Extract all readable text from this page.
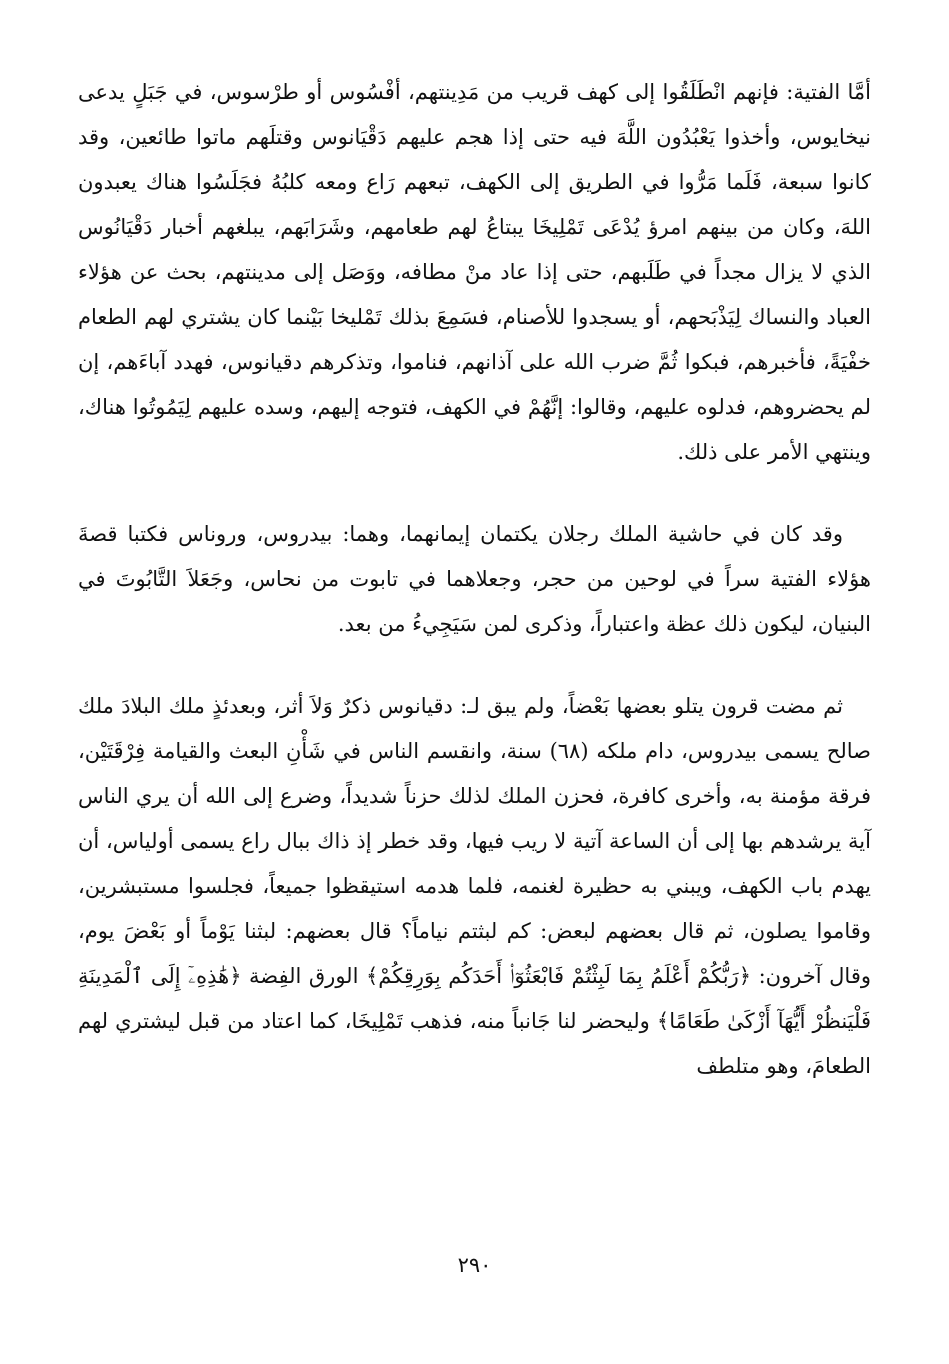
أمَّا الفتية: فإنهم انْطَلَقُوا إلى كهف قريب من مَدِينتهم، أفْسُوس أو طرْسوس، في جَبَلٍ يدعى نيخايوس، وأخذوا يَعْبُدُون اللَّهَ فيه حتى إذا هجم عليهم دَقْيَانوس وقتلَهم ماتوا طائعين، وقد كانوا سبعة، فَلَما مَرُّوا في الطريق إلى الكهف، تبعهم رَاع ومعه كلبُهُ فجَلَسُوا هناك يعبدون اللهَ، وكان من بينهم امرؤ يُدْعَى تَمْلِيخَا يبتاعُ لهم طعامهم، وشَرَابَهم، يبلغهم أخبار دَقْيَانُوس الذي لا يزال مجداً في طَلَبهم، حتى إذا عاد منْ مطافه، ووَصَل إلى مدينتهم، بحث عن هؤلاء العباد والنساك لِيَذْبَحهم، أو يسجدوا للأصنام، فسَمِعَ بذلك تَمْليخا بَيْنما كان يشتري لهم الطعام خفْيَةً، فأخبرهم، فبكوا ثُمَّ ضرب الله على آذانهم، فناموا، وتذكرهم دقيانوس، فهدد آباءَهم، إن لم يحضروهم، فدلوه عليهم، وقالوا: إنَّهُمْ في الكهف، فتوجه إليهم، وسده عليهم لِيَمُوتُوا هناك، وينتهي الأمر على ذلك.

وقد كان في حاشية الملك رجلان يكتمان إيمانهما، وهما: بيدروس، وروناس فكتبا قصةَ هؤلاء الفتية سراً في لوحين من حجر، وجعلاهما في تابوت من نحاس، وجَعَلاَ التَّابُوتَ في البنيان، ليكون ذلك عظة واعتباراً، وذكرى لمن سَيَجِيءُ من بعد.

ثم مضت قرون يتلو بعضها بَعْضاً، ولم يبق لـ: دقيانوس ذكرٌ وَلاَ أثر، وبعدئذٍ ملك البلادَ ملك صالح يسمى بيدروس، دام ملكه (٦٨) سنة، وانقسم الناس في شَأْنِ البعث والقيامة فِرْقَتَيْن، فرقة مؤمنة به، وأخرى كافرة، فحزن الملك لذلك حزناً شديداً، وضرع إلى الله أن يري الناس آية يرشدهم بها إلى أن الساعة آتية لا ريب فيها، وقد خطر إذ ذاك ببال راع يسمى أولياس، أن يهدم باب الكهف، ويبني به حظيرة لغنمه، فلما هدمه استيقظوا جميعاً، فجلسوا مستبشرين، وقاموا يصلون، ثم قال بعضهم لبعض: كم لبثتم نياماً؟ قال بعضهم: لبثنا يَوْماً أو بَعْضَ يوم، وقال آخرون: ﴿رَبُّكُمْ أَعْلَمُ بِمَا لَبِثْتُمْ فَابْعَثُوٓا۟ أَحَدَكُم بِوَرِقِكُمْ﴾ الورق الفِضة ﴿هَٰذِهِۦٓ إِلَى ٱلْمَدِينَةِ فَلْيَنظُرْ أَيُّهَآ أَزْكَىٰ طَعَامًا﴾ وليحضر لنا جَانباً منه، فذهب تَمْلِيخَا، كما اعتاد من قبل ليشتري لهم الطعامَ، وهو متلطف

٢٩٠
